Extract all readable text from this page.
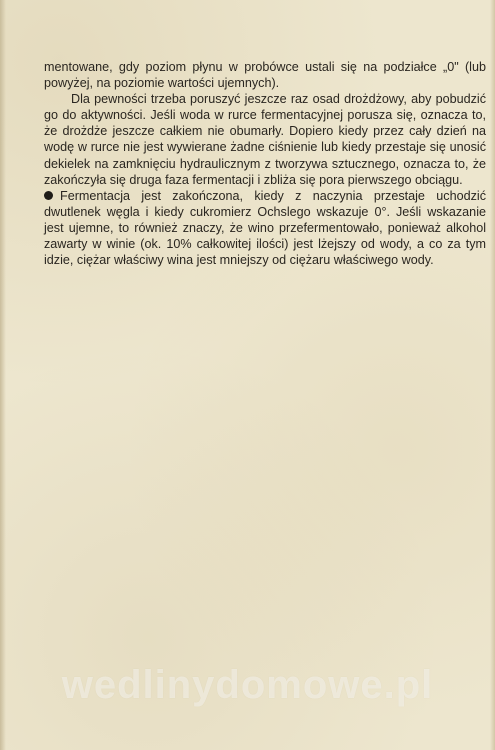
mentowane, gdy poziom płynu w probówce ustali się na podziałce „0" (lub powyżej, na poziomie wartości ujemnych).

Dla pewności trzeba poruszyć jeszcze raz osad drożdżowy, aby pobudzić go do aktywności. Jeśli woda w rurce fermentacyjnej porusza się, oznacza to, że drożdże jeszcze całkiem nie obumarły. Dopiero kiedy przez cały dzień na wodę w rurce nie jest wywierane żadne ciśnienie lub kiedy przestaje się unosić dekielek na zamknięciu hydraulicznym z tworzywa sztucznego, oznacza to, że zakończyła się druga faza fermentacji i zbliża się pora pierwszego obciągu.

Fermentacja jest zakończona, kiedy z naczynia przestaje uchodzić dwutlenek węgla i kiedy cukromierz Ochslego wskazuje 0°. Jeśli wskazanie jest ujemne, to również znaczy, że wino przefermentowało, ponieważ alkohol zawarty w winie (ok. 10% całkowitej ilości) jest lżejszy od wody, a co za tym idzie, ciężar właściwy wina jest mniejszy od ciężaru właściwego wody.

wedlinydomowe.pl
